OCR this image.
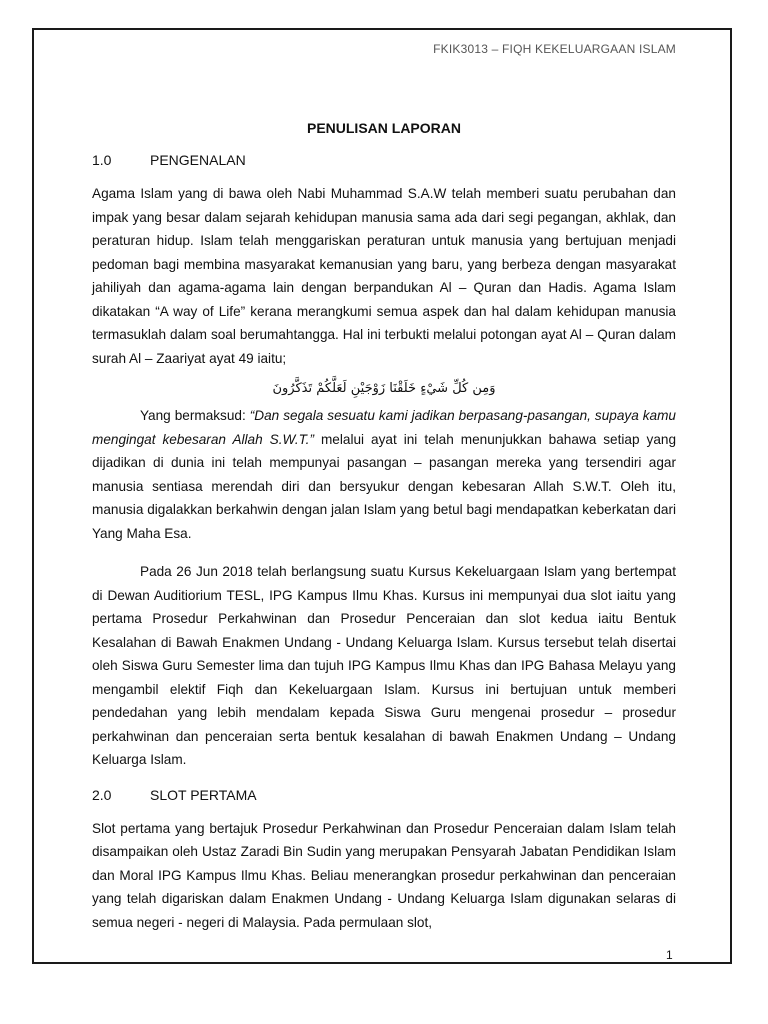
FKIK3013 – FIQH KEKELUARGAAN ISLAM
PENULISAN LAPORAN
1.0	PENGENALAN

Agama Islam yang di bawa oleh Nabi Muhammad S.A.W telah memberi suatu perubahan dan impak yang besar dalam sejarah kehidupan manusia sama ada dari segi pegangan, akhlak, dan peraturan hidup. Islam telah menggariskan peraturan untuk manusia yang bertujuan menjadi pedoman bagi membina masyarakat kemanusian yang baru, yang berbeza dengan masyarakat jahiliyah dan agama-agama lain dengan berpandukan Al – Quran dan Hadis. Agama Islam dikatakan “A way of Life” kerana merangkumi semua aspek dan hal dalam kehidupan manusia termasuklah dalam soal berumahtangga. Hal ini terbukti melalui potongan ayat Al – Quran dalam surah Al – Zaariyat ayat 49 iaitu;

وَمِن كُلِّ شَيْءٍ خَلَقْنَا زَوْجَيْنِ لَعَلَّكُمْ تَذَكَّرُونَ

Yang bermaksud: “Dan segala sesuatu kami jadikan berpasang-pasangan, supaya kamu mengingat kebesaran Allah S.W.T.” melalui ayat ini telah menunjukkan bahawa setiap yang dijadikan di dunia ini telah mempunyai pasangan – pasangan mereka yang tersendiri agar manusia sentiasa merendah diri dan bersyukur dengan kebesaran Allah S.W.T. Oleh itu, manusia digalakkan berkahwin dengan jalan Islam yang betul bagi mendapatkan keberkatan dari Yang Maha Esa.

Pada 26 Jun 2018 telah berlangsung suatu Kursus Kekeluargaan Islam yang bertempat di Dewan Auditiorium TESL, IPG Kampus Ilmu Khas. Kursus ini mempunyai dua slot iaitu yang pertama Prosedur Perkahwinan dan Prosedur Penceraian dan slot kedua iaitu Bentuk Kesalahan di Bawah Enakmen Undang - Undang Keluarga Islam. Kursus tersebut telah disertai oleh Siswa Guru Semester lima dan tujuh IPG Kampus Ilmu Khas dan IPG Bahasa Melayu yang mengambil elektif Fiqh dan Kekeluargaan Islam. Kursus ini bertujuan untuk memberi pendedahan yang lebih mendalam kepada Siswa Guru mengenai prosedur – prosedur perkahwinan dan penceraian serta bentuk kesalahan di bawah Enakmen Undang – Undang Keluarga Islam.

2.0	SLOT PERTAMA

Slot pertama yang bertajuk Prosedur Perkahwinan dan Prosedur Penceraian dalam Islam telah disampaikan oleh Ustaz Zaradi Bin Sudin yang merupakan Pensyarah Jabatan Pendidikan Islam dan Moral IPG Kampus Ilmu Khas. Beliau menerangkan prosedur perkahwinan dan penceraian yang telah digariskan dalam Enakmen Undang - Undang Keluarga Islam digunakan selaras di semua negeri - negeri di Malaysia. Pada permulaan slot,

1
